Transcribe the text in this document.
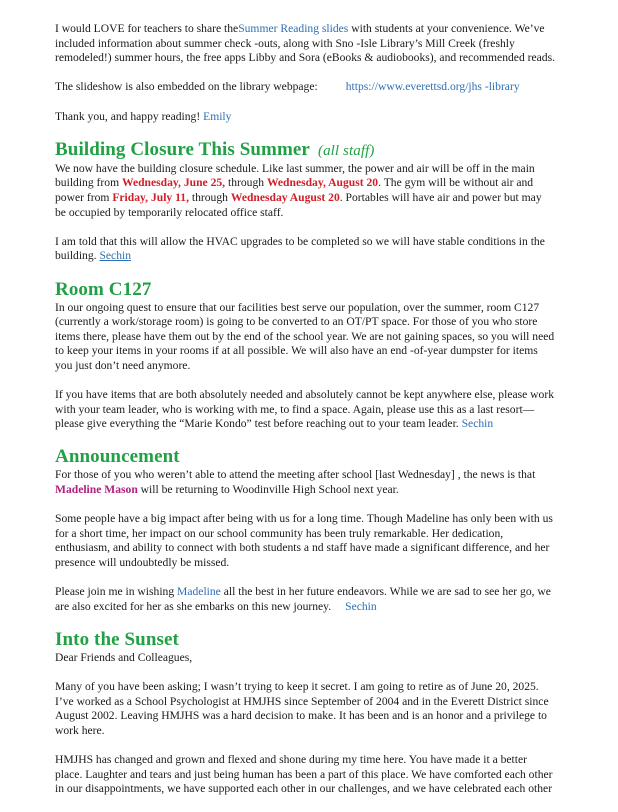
I would LOVE for teachers to share theSummer Reading slides with students at your convenience. We’ve included information about summer check -outs, along with Sno -Isle Library’s Mill Creek (freshly remodeled!) summer hours, the free apps Libby and Sora (eBooks & audiobooks), and recommended reads.

The slideshow is also embedded on the library webpage: https://www.everettsd.org/jhs -library

Thank you, and happy reading! Emily

Building Closure This Summer (all staff)

We now have the building closure schedule. Like last summer, the power and air will be off in the main building from Wednesday, June 25, through Wednesday, August 20. The gym will be without air and power from Friday, July 11, through Wednesday August 20. Portables will have air and power but may be occupied by temporarily relocated office staff.

I am told that this will allow the HVAC upgrades to be completed so we will have stable conditions in the building. Sechin

Room C127

In our ongoing quest to ensure that our facilities best serve our population, over the summer, room C127 (currently a work/storage room) is going to be converted to an OT/PT space. For those of you who store items there, please have them out by the end of the school year. We are not gaining spaces, so you will need to keep your items in your rooms if at all possible. We will also have an end -of-year dumpster for items you just don’t need anymore.

If you have items that are both absolutely needed and absolutely cannot be kept anywhere else, please work with your team leader, who is working with me, to find a space. Again, please use this as a last resort—please give everything the “Marie Kondo” test before reaching out to your team leader. Sechin

Announcement

For those of you who weren’t able to attend the meeting after school [last Wednesday] , the news is that Madeline Mason will be returning to Woodinville High School next year.

Some people have a big impact after being with us for a long time. Though Madeline has only been with us for a short time, her impact on our school community has been truly remarkable. Her dedication, enthusiasm, and ability to connect with both students a nd staff have made a significant difference, and her presence will undoubtedly be missed.

Please join me in wishing Madeline all the best in her future endeavors. While we are sad to see her go, we are also excited for her as she embarks on this new journey. Sechin

Into the Sunset

Dear Friends and Colleagues,

Many of you have been asking; I wasn’t trying to keep it secret. I am going to retire as of June 20, 2025. I’ve worked as a School Psychologist at HMJHS since September of 2004 and in the Everett District since August 2002. Leaving HMJHS was a hard decision to make. It has been and is an honor and a privilege to work here.

HMJHS has changed and grown and flexed and shone during my time here. You have made it a better place. Laughter and tears and just being human has been a part of this place. We have comforted each other in our disappointments, we have supported each other in our challenges, and we have celebrated each other
